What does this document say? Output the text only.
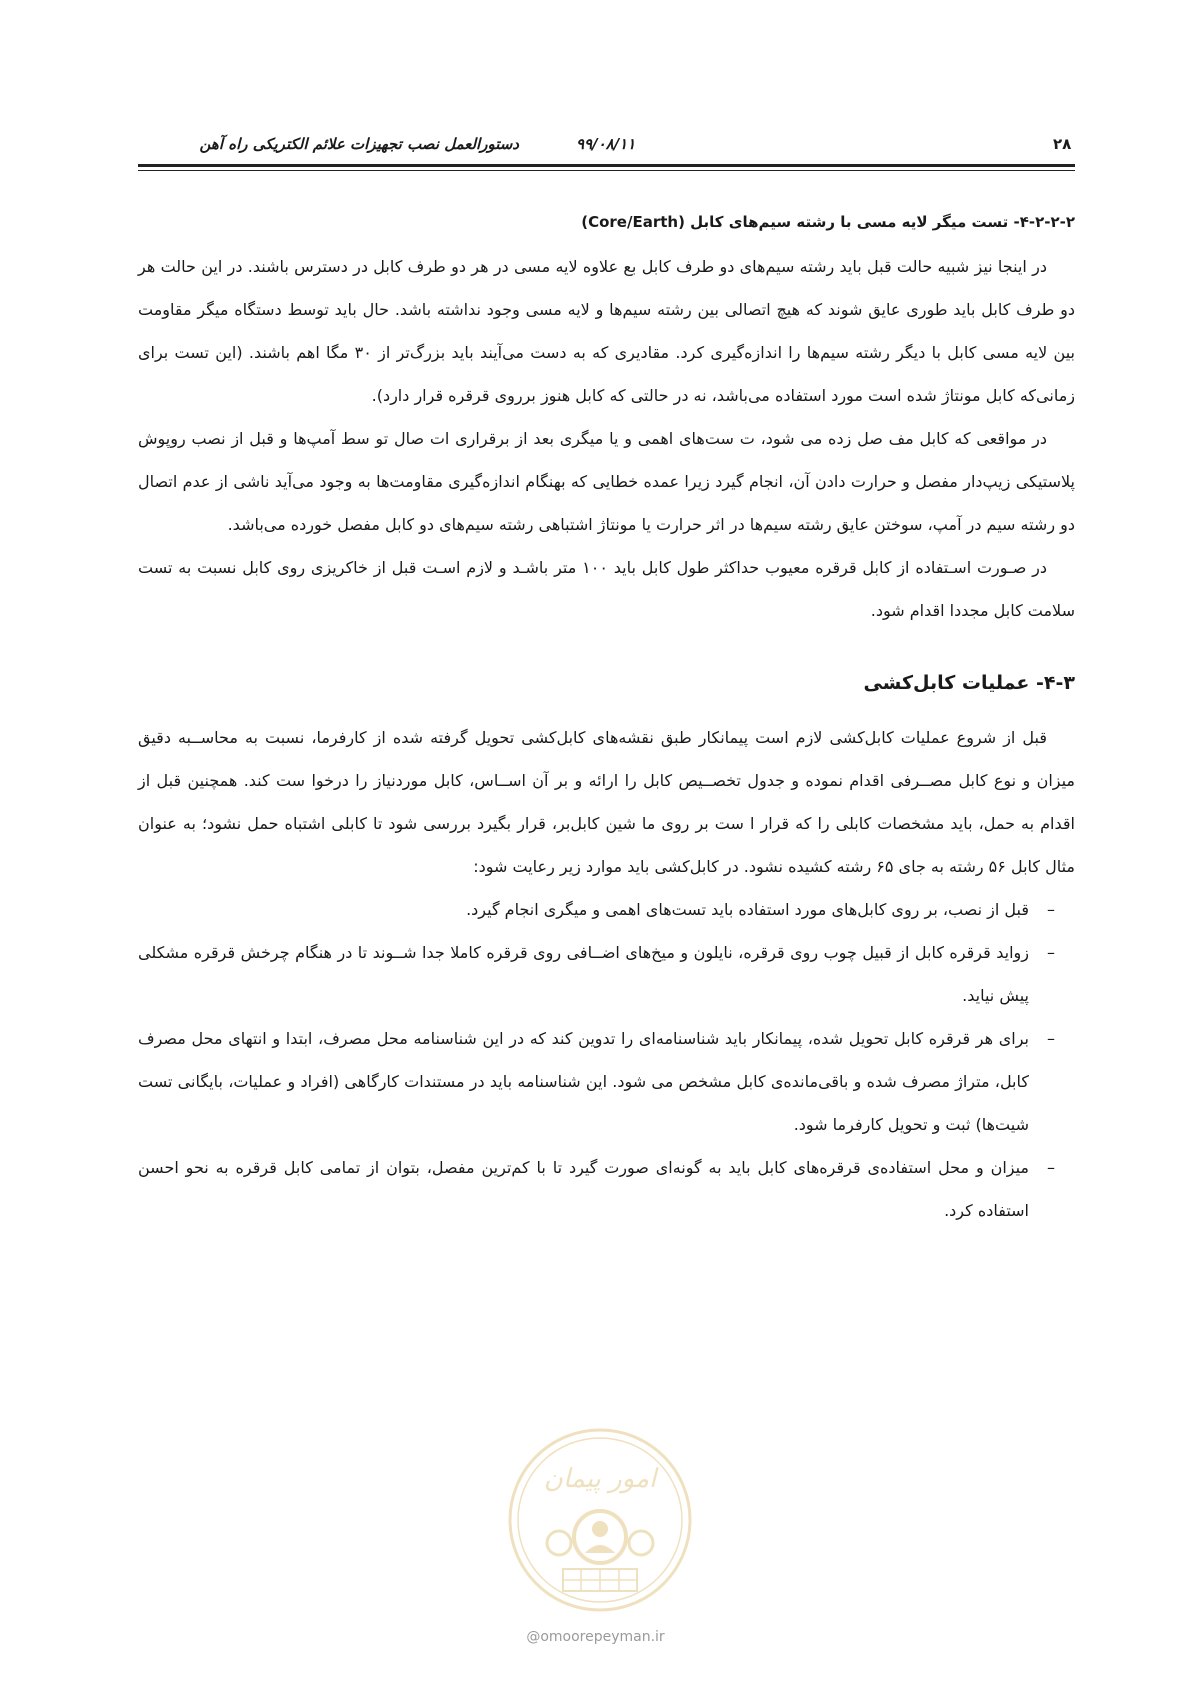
دستورالعمل نصب تجهیزات علائم الکتریکی راه آهن	۹۹/۰۸/۱۱	۲۸
۴-۲-۲-۲- تست میگر لایه مسی با رشته سیم‌های کابل (Core/Earth)

در اینجا نیز شبیه حالت قبل باید رشته سیم‌های دو طرف کابل بع علاوه لایه مسی در هر دو طرف کابل در دسترس باشند. در این حالت هر دو طرف کابل باید طوری عایق شوند که هیچ اتصالی بین رشته سیم‌ها و لایه مسی وجود نداشته باشد. حال باید توسط دستگاه میگر مقاومت بین لایه مسی کابل با دیگر رشته سیم‌ها را اندازه‌گیری کرد. مقادیری که به دست می‌آیند باید بزرگ‌تر از ۳۰ مگا اهم باشند. (این تست برای زمانی‌که کابل مونتاژ شده است مورد استفاده می‌باشد، نه در حالتی که کابل هنوز برروی قرقره قرار دارد).

در مواقعی که کابل مف صل زده می شود، ت ست‌های اهمی و یا میگری بعد از برقراری ات صال تو سط آمپ‌ها و قبل از نصب روپوش پلاستیکی زیپ‌دار مفصل و حرارت دادن آن، انجام گیرد زیرا عمده خطایی که بهنگام اندازه‌گیری مقاومت‌ها به وجود می‌آید ناشی از عدم اتصال دو رشته سیم در آمپ، سوختن عایق رشته سیم‌ها در اثر حرارت یا مونتاژ اشتباهی رشته سیم‌های دو کابل مفصل خورده می‌باشد.

در صـورت اسـتفاده از کابل قرقره معیوب حداکثر طول کابل باید ۱۰۰ متر باشـد و لازم اسـت قبل از خاکریزی روی کابل نسبت به تست سلامت کابل مجددا اقدام شود.

۴-۳- عملیات کابل‌کشی

قبل از شروع عملیات کابل‌کشی لازم است پیمانکار طبق نقشه‌های کابل‌کشی تحویل گرفته شده از کارفرما، نسبت به محاســبه دقیق میزان و نوع کابل مصــرفی اقدام نموده و جدول تخصــیص کابل را ارائه و بر آن اســاس، کابل موردنیاز را درخوا ست کند. همچنین قبل از اقدام به حمل، باید مشخصات کابلی را که قرار ا ست بر روی ما شین کابل‌بر، قرار بگیرد بررسی شود تا کابلی اشتباه حمل نشود؛ به عنوان مثال کابل ۵۶ رشته به جای ۶۵ رشته کشیده نشود. در کابل‌کشی باید موارد زیر رعایت شود:

–
قبل از نصب، بر روی کابل‌های مورد استفاده باید تست‌های اهمی و میگری انجام گیرد.
–
زواید قرقره کابل از قبیل چوب روی قرقره، نایلون و میخ‌های اضــافی روی قرقره کاملا جدا شــوند تا در هنگام چرخش قرقره مشکلی پیش نیاید.
–
برای هر قرقره کابل تحویل شده، پیمانکار باید شناسنامه‌ای را تدوین کند که در این شناسنامه محل مصرف، ابتدا و انتهای محل مصرف کابل، متراژ مصرف شده و باقی‌مانده‌ی کابل مشخص می شود. این شناسنامه باید در مستندات کارگاهی (افراد و عملیات، بایگانی تست شیت‌ها) ثبت و تحویل کارفرما شود.
–
میزان و محل استفاده‌ی قرقره‌های کابل باید به گونه‌ای صورت گیرد تا با کم‌ترین مفصل، بتوان از تمامی کابل قرقره به نحو احسن استفاده کرد.
امور پیمان
@omoorepeyman.ir
